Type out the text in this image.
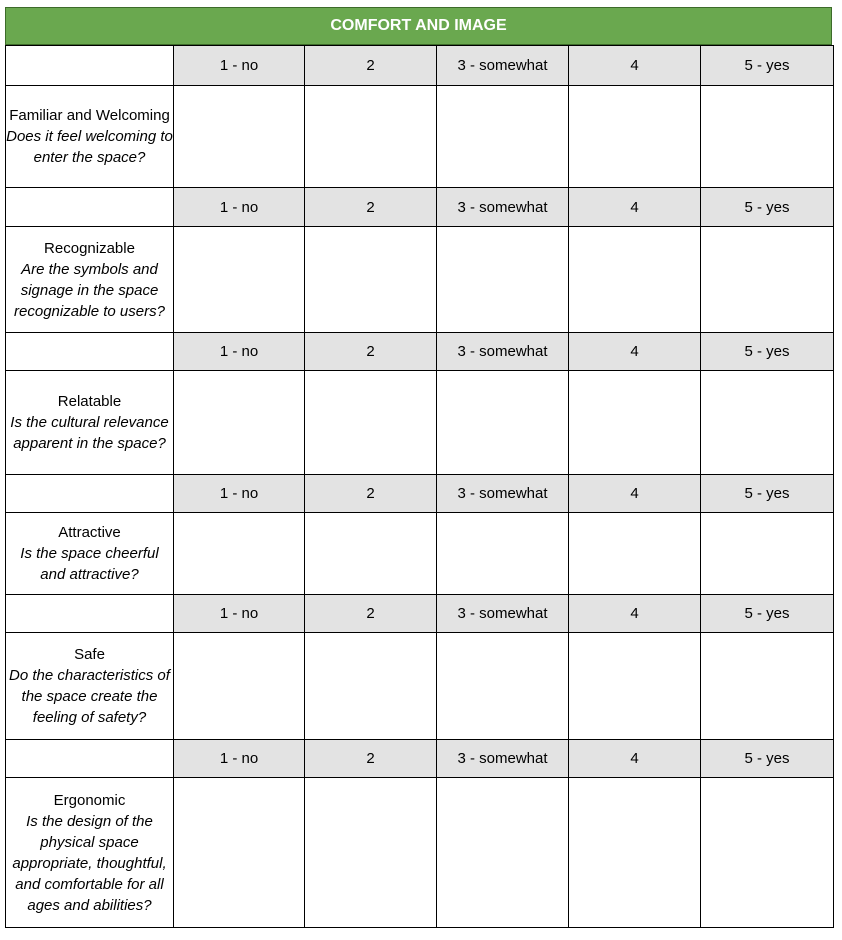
COMFORT AND IMAGE
	1 - no	2	3 - somewhat	4	5 - yes

Familiar and Welcoming
Does it feel welcoming to enter the space?					

	1 - no	2	3 - somewhat	4	5 - yes

Recognizable
Are the symbols and signage in the space recognizable to users?					

	1 - no	2	3 - somewhat	4	5 - yes

Relatable
Is the cultural relevance apparent in the space?					

	1 - no	2	3 - somewhat	4	5 - yes

Attractive
Is the space cheerful and attractive?					

	1 - no	2	3 - somewhat	4	5 - yes

Safe
Do the characteristics of the space create the feeling of safety?					

	1 - no	2	3 - somewhat	4	5 - yes

Ergonomic
Is the design of the physical space appropriate, thoughtful, and comfortable for all ages and abilities?					
